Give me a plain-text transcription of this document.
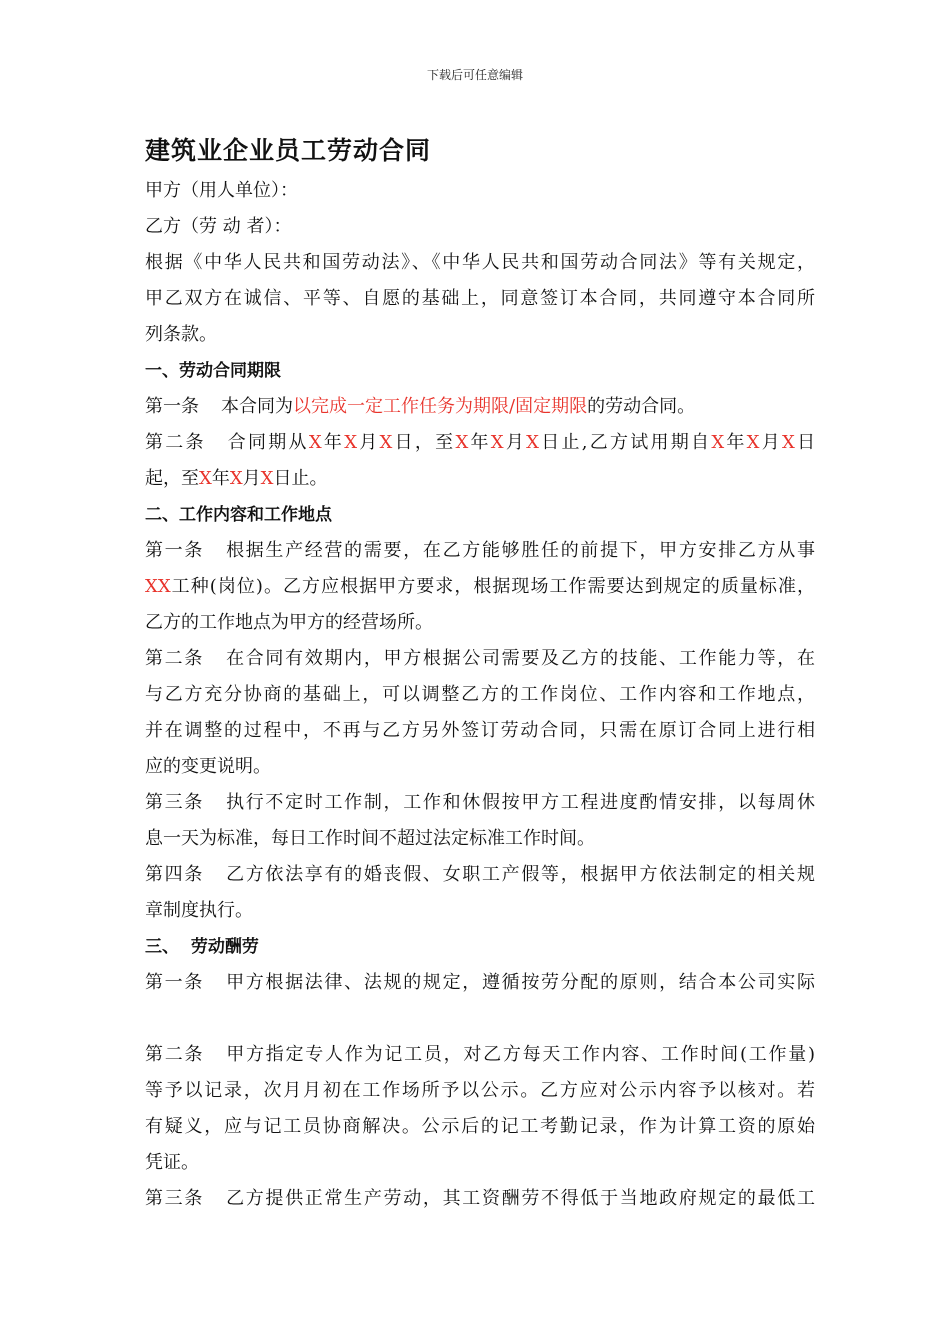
下载后可任意编辑
建筑业企业员工劳动合同
甲方（用人单位）：
乙方（劳 动 者）：
根据《中华人民共和国劳动法》、《中华人民共和国劳动合同法》等有关规定，
甲乙双方在诚信、平等、自愿的基础上，同意签订本合同，共同遵守本合同所
列条款。
一、劳动合同期限
第一条 本合同为以完成一定工作任务为期限/固定期限的劳动合同。
第二条 合同期从X年X月X日，至X年X月X日止,乙方试用期自X年X月X日
起，至X年X月X日止。
二、工作内容和工作地点
第一条 根据生产经营的需要，在乙方能够胜任的前提下，甲方安排乙方从事
XX工种(岗位)。乙方应根据甲方要求，根据现场工作需要达到规定的质量标准，
乙方的工作地点为甲方的经营场所。
第二条 在合同有效期内，甲方根据公司需要及乙方的技能、工作能力等，在
与乙方充分协商的基础上，可以调整乙方的工作岗位、工作内容和工作地点，
并在调整的过程中，不再与乙方另外签订劳动合同，只需在原订合同上进行相
应的变更说明。
第三条 执行不定时工作制，工作和休假按甲方工程进度酌情安排，以每周休
息一天为标准，每日工作时间不超过法定标准工作时间。
第四条 乙方依法享有的婚丧假、女职工产假等，根据甲方依法制定的相关规
章制度执行。
三、  劳动酬劳
第一条 甲方根据法律、法规的规定，遵循按劳分配的原则，结合本公司实际

第二条 甲方指定专人作为记工员，对乙方每天工作内容、工作时间(工作量)
等予以记录，次月月初在工作场所予以公示。乙方应对公示内容予以核对。若
有疑义，应与记工员协商解决。公示后的记工考勤记录，作为计算工资的原始
凭证。
第三条 乙方提供正常生产劳动，其工资酬劳不得低于当地政府规定的最低工
